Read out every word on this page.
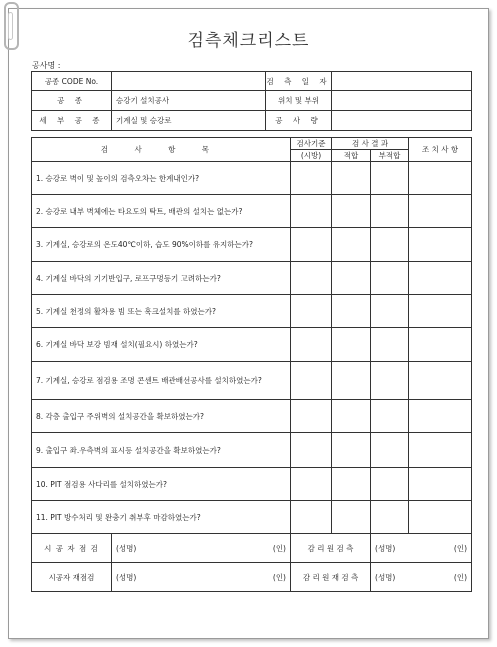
검측체크리스트
공사명 :
공종 CODE No.		검 측 일 자				
공 종	승강기 설치공사	위치 및 부위				
세 부 공 종	기계실 및 승강로	공 사 량				

검 사 항 목			검사기준	검 사 결 과		조 치 사 항
			(시방)	적합	부적합	
1. 승강로 벽이 및 높이의 검측오차는 한계내인가?						
2. 승강로 내부 벽체에는 타요도의 탁트, 배관의 설치는 없는가?						
3. 기계실, 승강로의 온도40℃이하, 습도 90%이하를 유지하는가?						
4. 기계실 바닥의 기기반입구, 로프구멍등기 고려하는가?						
5. 기계실 천정의 활차용 빔 또는 훅크설치를 하였는가?						
6. 기계실 바닥 보강 빔재 설치(필요시) 하였는가?						
7. 기계실, 승강로 점검용 조명 콘센트 배관배선공사를 설치하였는가?						
8. 각층 출입구 주위벽의 설치공간을 확보하였는가?						
9. 출입구 좌.우측벽의 표시등 설치공간을 확보하였는가?						
10. PIT 점검용 사다리를 설치하였는가?						
11. PIT 방수처리 및 완충기 취부후 마감하였는가?						
시 공 자 점 검	(성명) (인)		감 리 원 검 측		(성명) (인)	

시공자 재점검	(성명) (인)		감 리 원 재 검 측		(성명) (인)	
